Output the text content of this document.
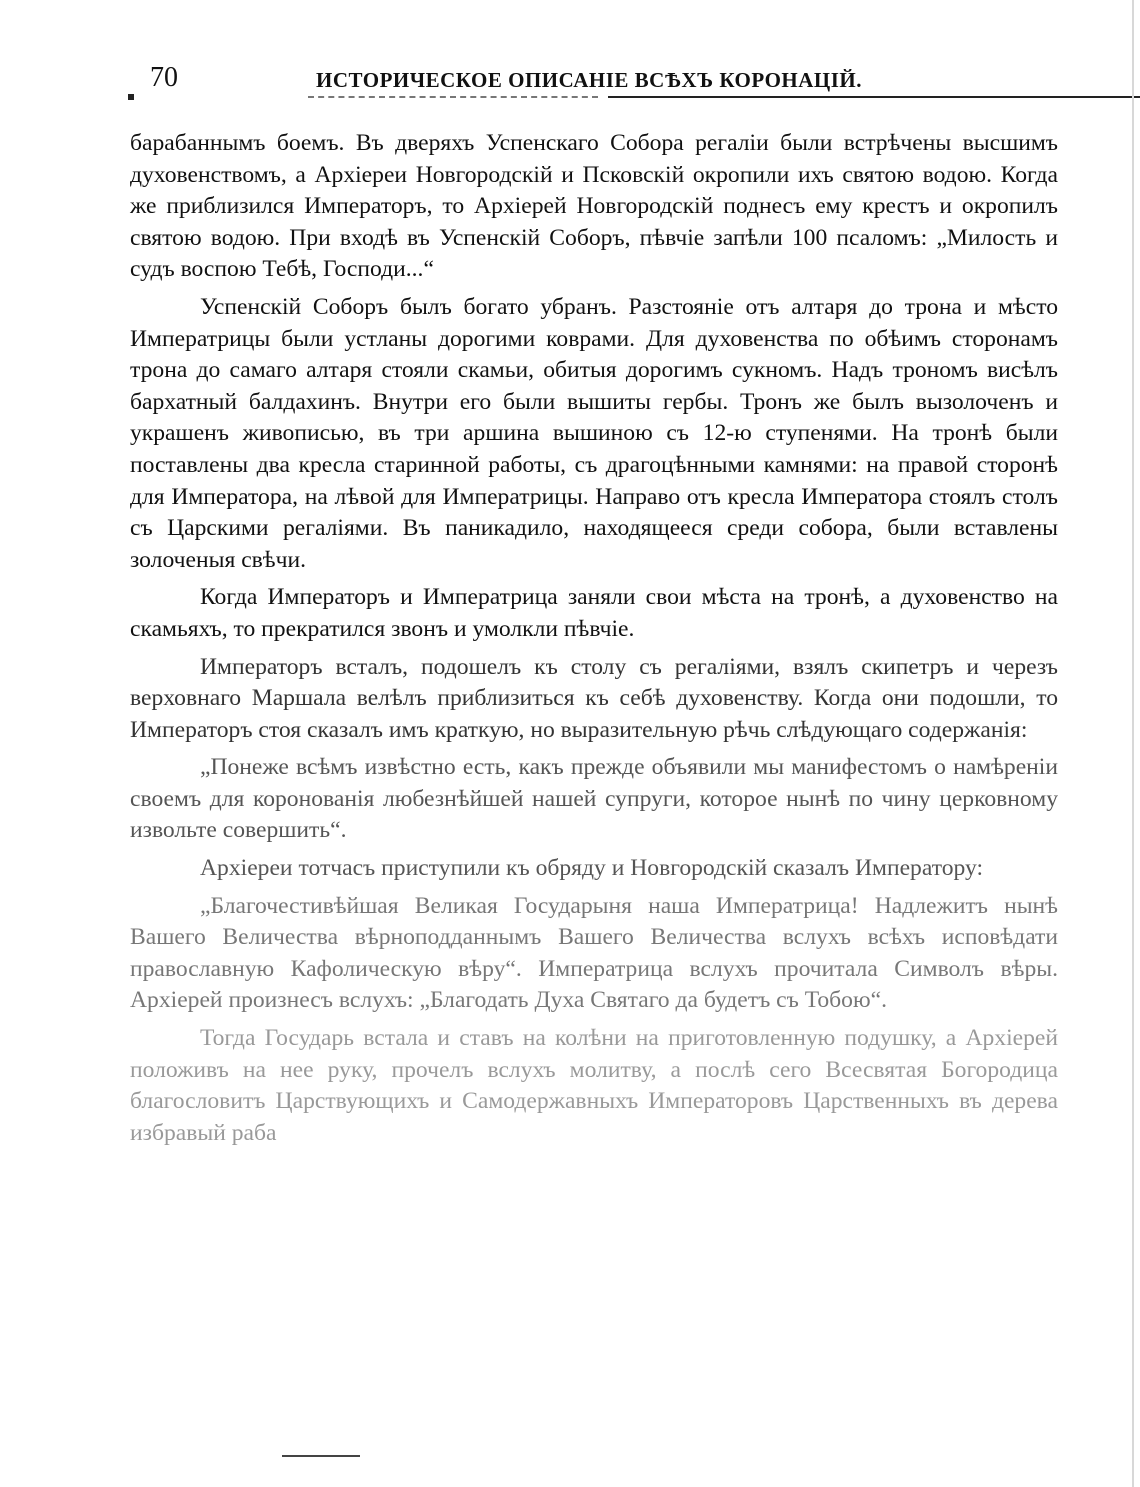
70	ИСТОРИЧЕСКОЕ ОПИСАНІЕ ВСѢХЪ КОРОНАЦІЙ.

барабаннымъ боемъ. Въ дверяхъ Успенскаго Собора регаліи были встрѣчены высшимъ духовенствомъ, а Архіереи Новгородскій и Псковскій окропили ихъ святою водою. Когда же приблизился Императоръ, то Архіерей Новгородскій поднесъ ему крестъ и окропилъ святою водою. При входѣ въ Успенскій Соборъ, пѣвчіе запѣли 100 псаломъ: „Милость и судъ воспою Тебѣ, Господи...“

Успенскій Соборъ былъ богато убранъ. Разстояніе отъ алтаря до трона и мѣсто Императрицы были устланы дорогими коврами. Для духовенства по обѣимъ сторонамъ трона до самаго алтаря стояли скамьи, обитыя дорогимъ сукномъ. Надъ трономъ висѣлъ бархатный балдахинъ. Внутри его были вышиты гербы. Тронъ же былъ вызолоченъ и украшенъ живописью, въ три аршина вышиною съ 12-ю ступенями. На тронѣ были поставлены два кресла старинной работы, съ драгоцѣнными камнями: на правой сторонѣ для Императора, на лѣвой для Императрицы. Направо отъ кресла Императора стоялъ столъ съ Царскими регаліями. Въ паникадило, находящееся среди собора, были вставлены золоченыя свѣчи.

Когда Императоръ и Императрица заняли свои мѣста на тронѣ, а духовенство на скамьяхъ, то прекратился звонъ и умолкли пѣвчіе.

Императоръ всталъ, подошелъ къ столу съ регаліями, взялъ скипетръ и черезъ верховнаго Маршала велѣлъ приблизиться къ себѣ духовенству. Когда они подошли, то Императоръ стоя сказалъ имъ краткую, но выразительную рѣчь слѣдующаго содержанія:

„Понеже всѣмъ извѣстно есть, какъ прежде объявили мы манифестомъ о намѣреніи своемъ для коронованія любезнѣйшей нашей супруги, которое нынѣ по чину церковному извольте совершить“.

Архіереи тотчасъ приступили къ обряду и Новгородскій сказалъ Императору:

„Благочестивѣйшая Великая Государыня наша Императрица! Надлежитъ нынѣ Вашего Величества вѣрноподданнымъ Вашего Величества вслухъ всѣхъ исповѣдати православную Кафолическую вѣру“. Императрица вслухъ прочитала Символъ вѣры. Архіерей произнесъ вслухъ: „Благодать Духа Святаго да будетъ съ Тобою“.

Тогда Государь встала и ставъ на колѣни на приготовленную подушку, а Архіерей положивъ на нее руку, прочелъ вслухъ молитву, а послѣ сего Всесвятая Богородица благословитъ Царствующихъ и Самодержавныхъ Императоровъ Царственныхъ въ дерева избравый раба
